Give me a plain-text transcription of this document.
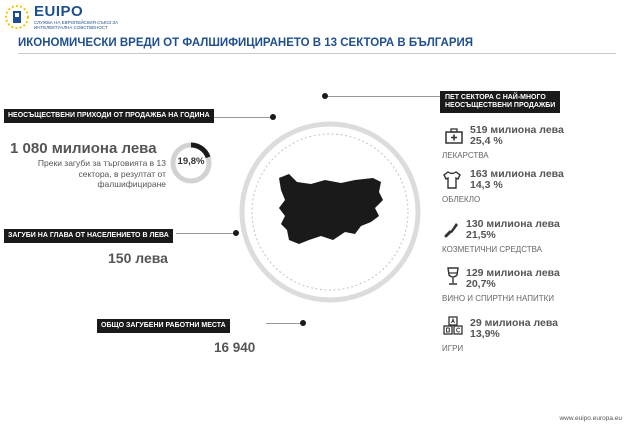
EUIPO
СЛУЖБА НА ЕВРОПЕЙСКИЯ СЪЮЗ ЗА ИНТЕЛЕКТУАЛНА СОБСТВЕНОСТ
ИКОНОМИЧЕСКИ ВРЕДИ ОТ ФАЛШИФИЦИРАНЕТО В 13 СЕКТОРА В БЪЛГАРИЯ
НЕОСЪЩЕСТВЕНИ ПРИХОДИ ОТ ПРОДАЖБА НА ГОДИНА
1 080 милиона лева
Преки загуби за търговията в 13
сектора, в резултат от
фалшифициране
19,8%
ЗАГУБИ НА ГЛАВА ОТ НАСЕЛЕНИЕТО В ЛЕВА
150 лева
ОБЩО ЗАГУБЕНИ РАБОТНИ МЕСТА
16 940
ПЕТ СЕКТОРА С НАЙ-МНОГО
НЕОСЪЩЕСТВЕНИ ПРОДАЖБИ
519 милиона лева
25,4 %
ЛЕКАРСТВА
163 милиона лева
14,3 %
ОБЛЕКЛО
130 милиона лева
21,5%
КОЗМЕТИЧНИ СРЕДСТВА
129 милиона лева
20,7%
ВИНО И СПИРТНИ НАПИТКИ
29 милиона лева
13,9%
ИГРИ
www.euipo.europa.eu
